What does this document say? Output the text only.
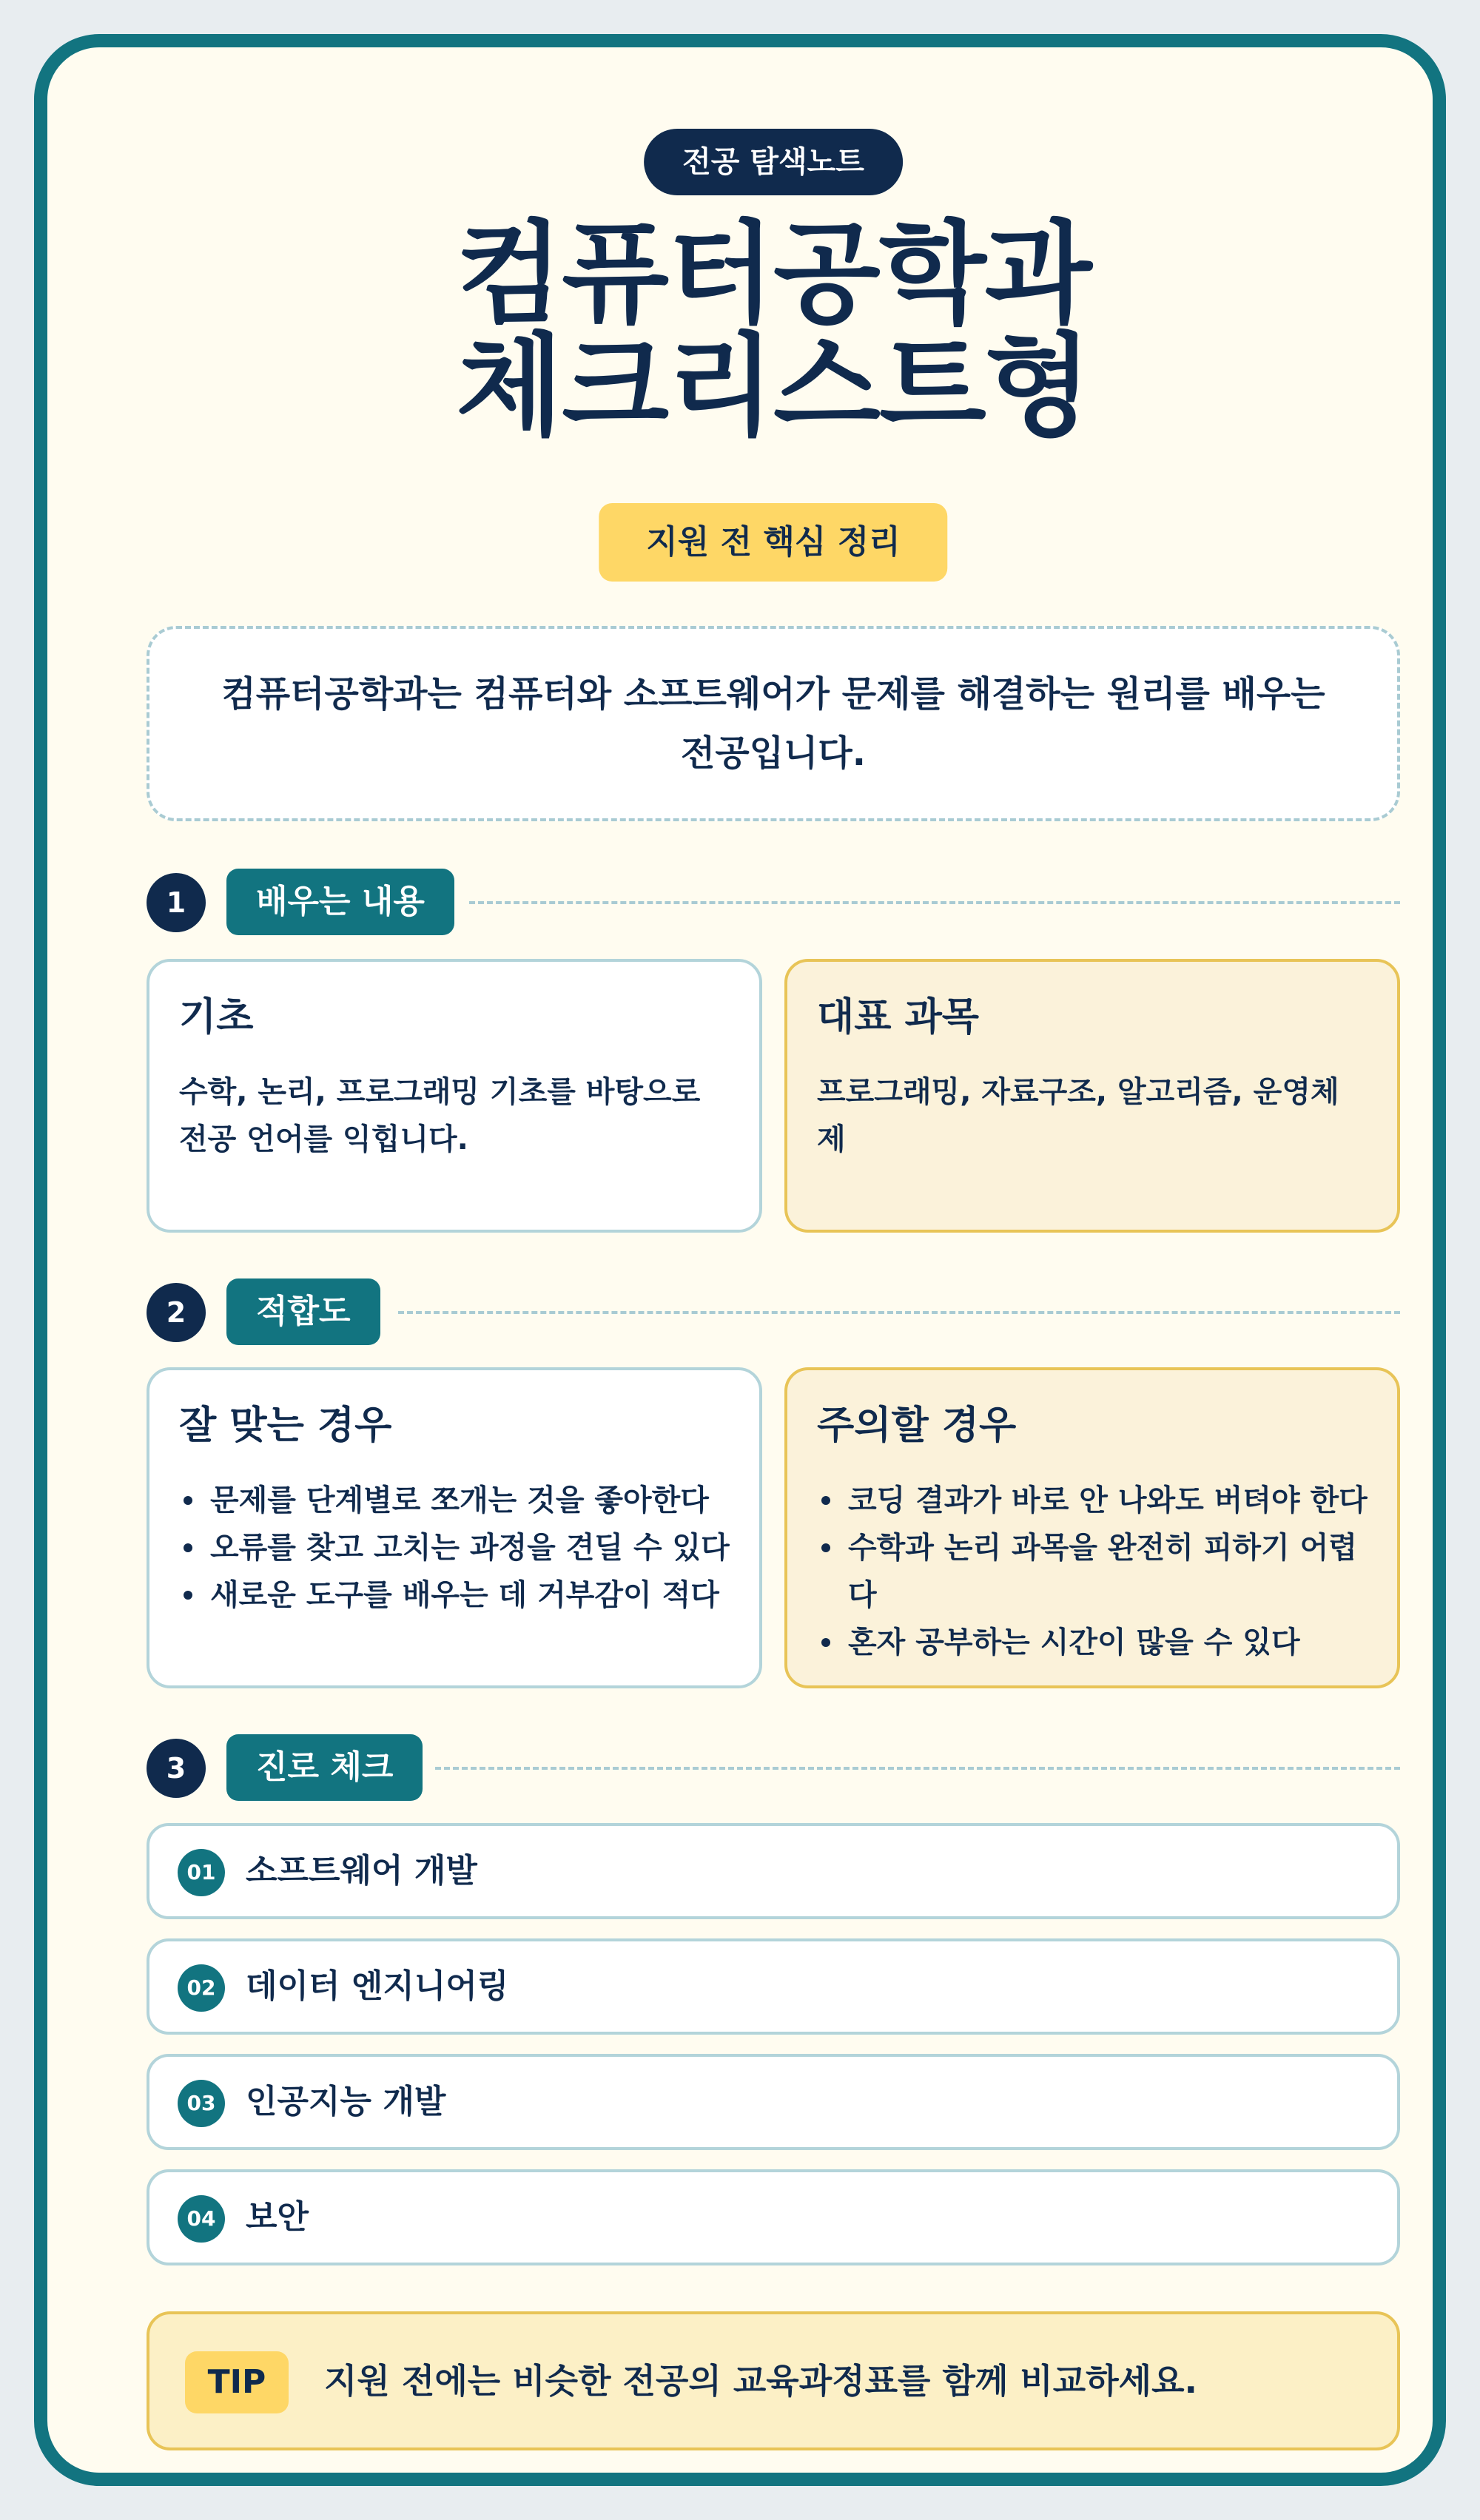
전공 탐색노트
컴퓨터공학과
체크리스트형
지원 전 핵심 정리
컴퓨터공학과는 컴퓨터와 소프트웨어가 문제를 해결하는 원리를 배우는 전공입니다.
1	배우는 내용
기초

수학, 논리, 프로그래밍 기초를 바탕으로 전공 언어를 익힙니다.

대표 과목

프로그래밍, 자료구조, 알고리즘, 운영체제

2	적합도
잘 맞는 경우
문제를 단계별로 쪼개는 것을 좋아한다
오류를 찾고 고치는 과정을 견딜 수 있다
새로운 도구를 배우는 데 거부감이 적다
주의할 경우
코딩 결과가 바로 안 나와도 버텨야 한다
수학과 논리 과목을 완전히 피하기 어렵다
혼자 공부하는 시간이 많을 수 있다
3	진로 체크
01 소프트웨어 개발
02 데이터 엔지니어링
03 인공지능 개발
04 보안
TIP	지원 전에는 비슷한 전공의 교육과정표를 함께 비교하세요.
